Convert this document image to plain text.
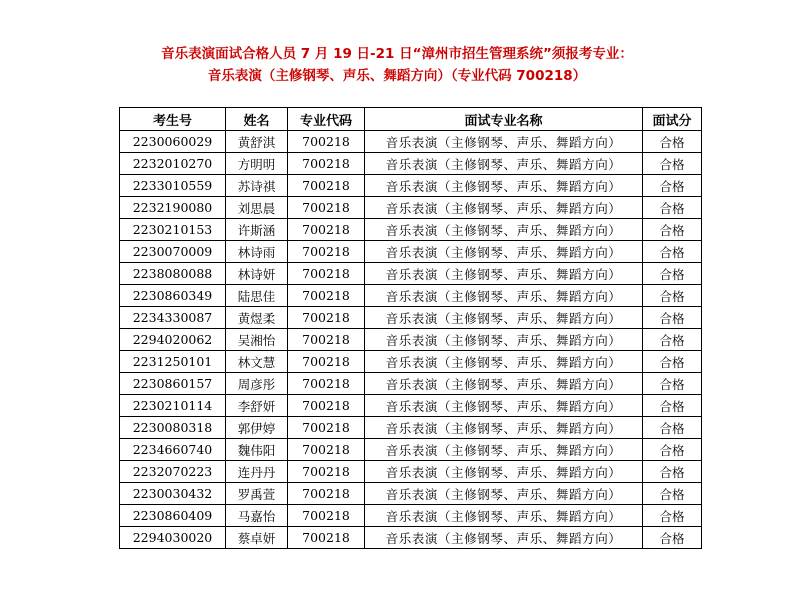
音乐表演面试合格人员 7 月 19 日-21 日“漳州市招生管理系统”须报考专业：
音乐表演（主修钢琴、声乐、舞蹈方向）（专业代码 700218）
考生号	姓名	专业代码	面试专业名称	面试分
2230060029	黄舒淇	700218	音乐表演（主修钢琴、声乐、舞蹈方向）	合格
2232010270	方明明	700218	音乐表演（主修钢琴、声乐、舞蹈方向）	合格
2233010559	苏诗祺	700218	音乐表演（主修钢琴、声乐、舞蹈方向）	合格
2232190080	刘思晨	700218	音乐表演（主修钢琴、声乐、舞蹈方向）	合格
2230210153	许斯涵	700218	音乐表演（主修钢琴、声乐、舞蹈方向）	合格
2230070009	林诗雨	700218	音乐表演（主修钢琴、声乐、舞蹈方向）	合格
2238080088	林诗妍	700218	音乐表演（主修钢琴、声乐、舞蹈方向）	合格
2230860349	陆思佳	700218	音乐表演（主修钢琴、声乐、舞蹈方向）	合格
2234330087	黄煜柔	700218	音乐表演（主修钢琴、声乐、舞蹈方向）	合格
2294020062	吴湘怡	700218	音乐表演（主修钢琴、声乐、舞蹈方向）	合格
2231250101	林文慧	700218	音乐表演（主修钢琴、声乐、舞蹈方向）	合格
2230860157	周彦彤	700218	音乐表演（主修钢琴、声乐、舞蹈方向）	合格
2230210114	李舒妍	700218	音乐表演（主修钢琴、声乐、舞蹈方向）	合格
2230080318	郭伊婷	700218	音乐表演（主修钢琴、声乐、舞蹈方向）	合格
2234660740	魏伟阳	700218	音乐表演（主修钢琴、声乐、舞蹈方向）	合格
2232070223	连丹丹	700218	音乐表演（主修钢琴、声乐、舞蹈方向）	合格
2230030432	罗禹萱	700218	音乐表演（主修钢琴、声乐、舞蹈方向）	合格
2230860409	马嘉怡	700218	音乐表演（主修钢琴、声乐、舞蹈方向）	合格
2294030020	蔡卓妍	700218	音乐表演（主修钢琴、声乐、舞蹈方向）	合格
